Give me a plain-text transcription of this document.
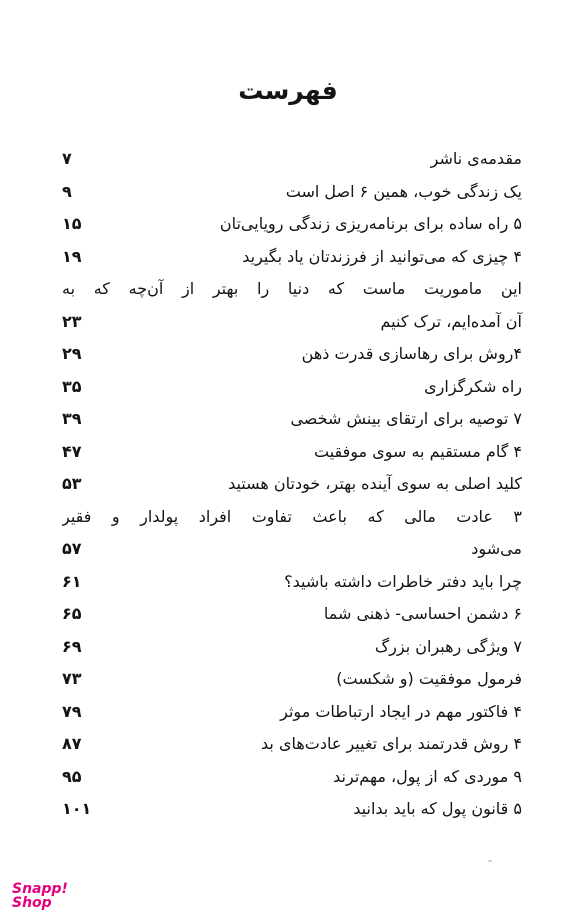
فهرست
مقدمه‌ی ناشر
۷
یک زندگی خوب، همین ۶ اصل است
۹
۵ راه ساده برای برنامه‌ریزی زندگی رویایی‌تان
۱۵
۴ چیزی که می‌توانید از فرزندتان یاد بگیرید
۱۹
این ماموریت ماست که دنیا را بهتر از آن‌چه که به
آن آمده‌ایم، ترک کنیم
۲۳
۴روش برای رهاسازی قدرت ذهن
۲۹
راه شکرگزاری
۳۵
۷ توصیه برای ارتقای بینش شخصی
۳۹
۴ گام مستقیم به سوی موفقیت
۴۷
کلید اصلی به سوی آینده بهتر، خودتان هستید
۵۳
۳ عادت مالی که باعث تفاوت افراد پولدار و فقیر
می‌شود
۵۷
چرا باید دفتر خاطرات داشته باشید؟
۶۱
۶ دشمن احساسی- ذهنی شما
۶۵
۷ ویژگی رهبران بزرگ
۶۹
فرمول موفقیت (و شکست)
۷۳
۴ فاکتور مهم در ایجاد ارتباطات موثر
۷۹
۴ روش قدرتمند برای تغییر عادت‌های بد
۸۷
۹ موردی که از پول، مهم‌ترند
۹۵
۵ قانون پول که باید بدانید
۱۰۱
Snapp!
Shop
